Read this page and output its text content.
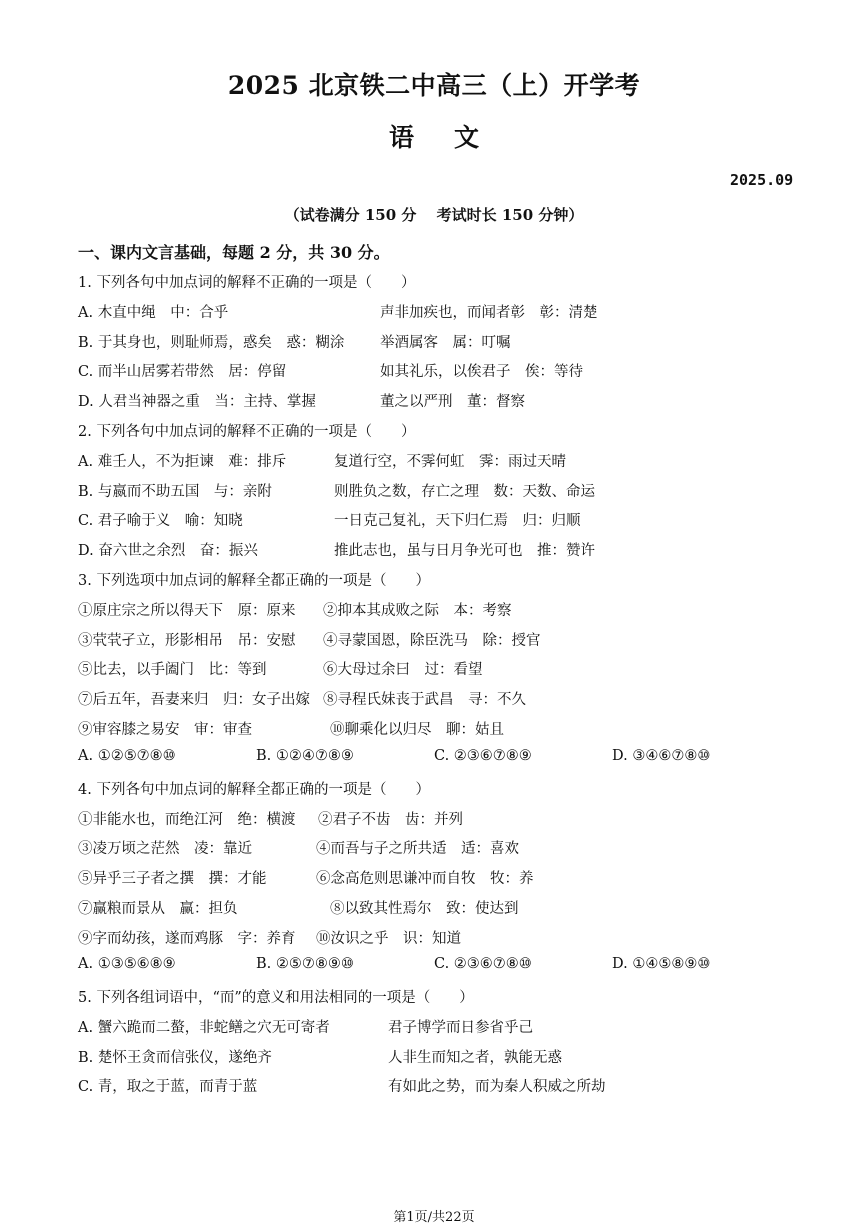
2025 北京铁二中高三（上）开学考
语文
2025.09
（试卷满分 150 分　 考试时长 150 分钟）
一、课内文言基础，每题 2 分，共 30 分。
1. 下列各句中加点词的解释不正确的一项是（　　）
A. 木直中绳　中：合乎	声非加疾也，而闻者彰　彰：清楚
B. 于其身也，则耻师焉，惑矣　惑：糊涂 举酒属客　属：叮嘱
C. 而半山居雾若带然　居：停留	如其礼乐，以俟君子　俟：等待
D. 人君当神器之重　当：主持、掌握	董之以严刑　董：督察
2. 下列各句中加点词的解释不正确的一项是（　　）
A. 难壬人，不为拒谏　难：排斥	复道行空，不霁何虹　霁：雨过天晴
B. 与嬴而不助五国　与：亲附	则胜负之数，存亡之理　数：天数、命运
C. 君子喻于义　喻：知晓	一日克己复礼，天下归仁焉　归：归顺
D. 奋六世之余烈　奋：振兴	推此志也，虽与日月争光可也　推：赞许
3. 下列选项中加点词的解释全都正确的一项是（　　）
①原庄宗之所以得天下　原：原来 ②抑本其成败之际　本：考察
③茕茕孑立，形影相吊　吊：安慰 ④寻蒙国恩，除臣洗马　除：授官
⑤比去，以手阖门　比：等到	⑥大母过余曰　过：看望
⑦后五年，吾妻来归　归：女子出嫁 ⑧寻程氏妹丧于武昌　寻：不久
⑨审容膝之易安　审：审查	⑩聊乘化以归尽　聊：姑且
A. ①②⑤⑦⑧⑩	B. ①②④⑦⑧⑨	C. ②③⑥⑦⑧⑨	D. ③④⑥⑦⑧⑩
4. 下列各句中加点词的解释全都正确的一项是（　　）
①非能水也，而绝江河　绝：横渡 ②君子不齿　齿：并列
③凌万顷之茫然　凌：靠近	④而吾与子之所共适　适：喜欢
⑤异乎三子者之撰　撰：才能	⑥念高危则思谦冲而自牧　牧：养
⑦赢粮而景从　赢：担负	⑧以致其性焉尔　致：使达到
⑨字而幼孩，遂而鸡豚　字：养育 ⑩汝识之乎　识：知道
A. ①③⑤⑥⑧⑨	B. ②⑤⑦⑧⑨⑩	C. ②③⑥⑦⑧⑩	D. ①④⑤⑧⑨⑩
5. 下列各组词语中，“而”的意义和用法相同的一项是（　　）
A. 蟹六跪而二螯，非蛇鳝之穴无可寄者	君子博学而日参省乎己
B. 楚怀王贪而信张仪，遂绝齐	人非生而知之者，孰能无惑
C. 青，取之于蓝，而青于蓝	有如此之势，而为秦人积威之所劫
第1页/共22页
